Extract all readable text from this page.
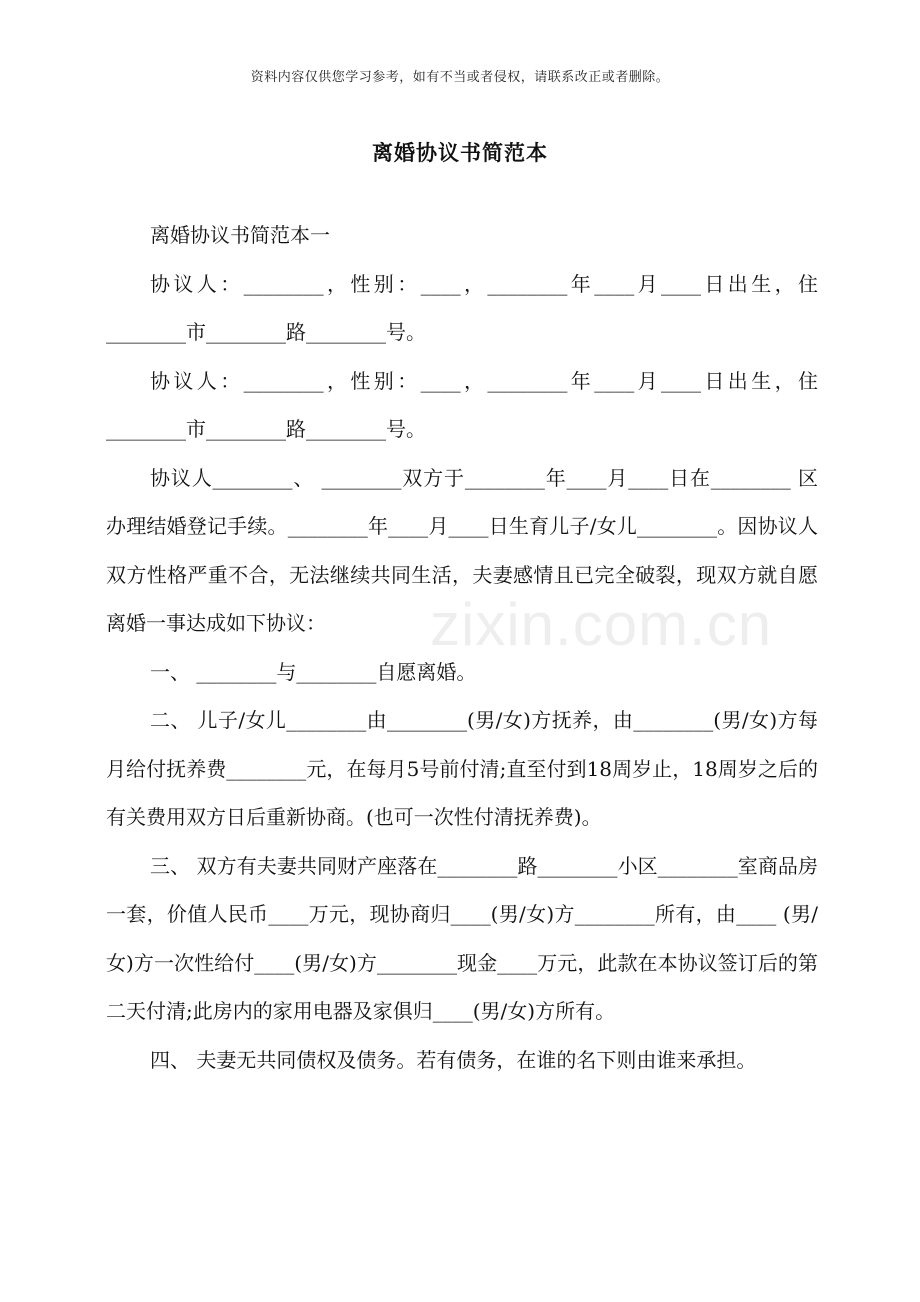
资料内容仅供您学习参考，如有不当或者侵权，请联系改正或者删除。
离婚协议书简范本

离婚协议书简范本一

协议人：________，性别：____，________年____月____日出生，住________市________路________号。

协议人：________，性别：____，________年____月____日出生，住________市________路________号。

协议人________、 ________双方于________年____月____日在________ 区办理结婚登记手续。________年____月____日生育儿子/女儿________。因协议人双方性格严重不合，无法继续共同生活，夫妻感情且已完全破裂，现双方就自愿离婚一事达成如下协议：

一、 ________与________自愿离婚。

二、 儿子/女儿________由________(男/女)方抚养，由________(男/女)方每月给付抚养费________元，在每月5号前付清;直至付到18周岁止，18周岁之后的有关费用双方日后重新协商。(也可一次性付清抚养费)。

三、 双方有夫妻共同财产座落在________路________小区________室商品房一套，价值人民币____万元，现协商归____(男/女)方________所有，由____ (男/女)方一次性给付____(男/女)方________现金____万元，此款在本协议签订后的第二天付清;此房内的家用电器及家俱归____(男/女)方所有。

四、 夫妻无共同债权及债务。若有债务，在谁的名下则由谁来承担。

zixin.com.cn
